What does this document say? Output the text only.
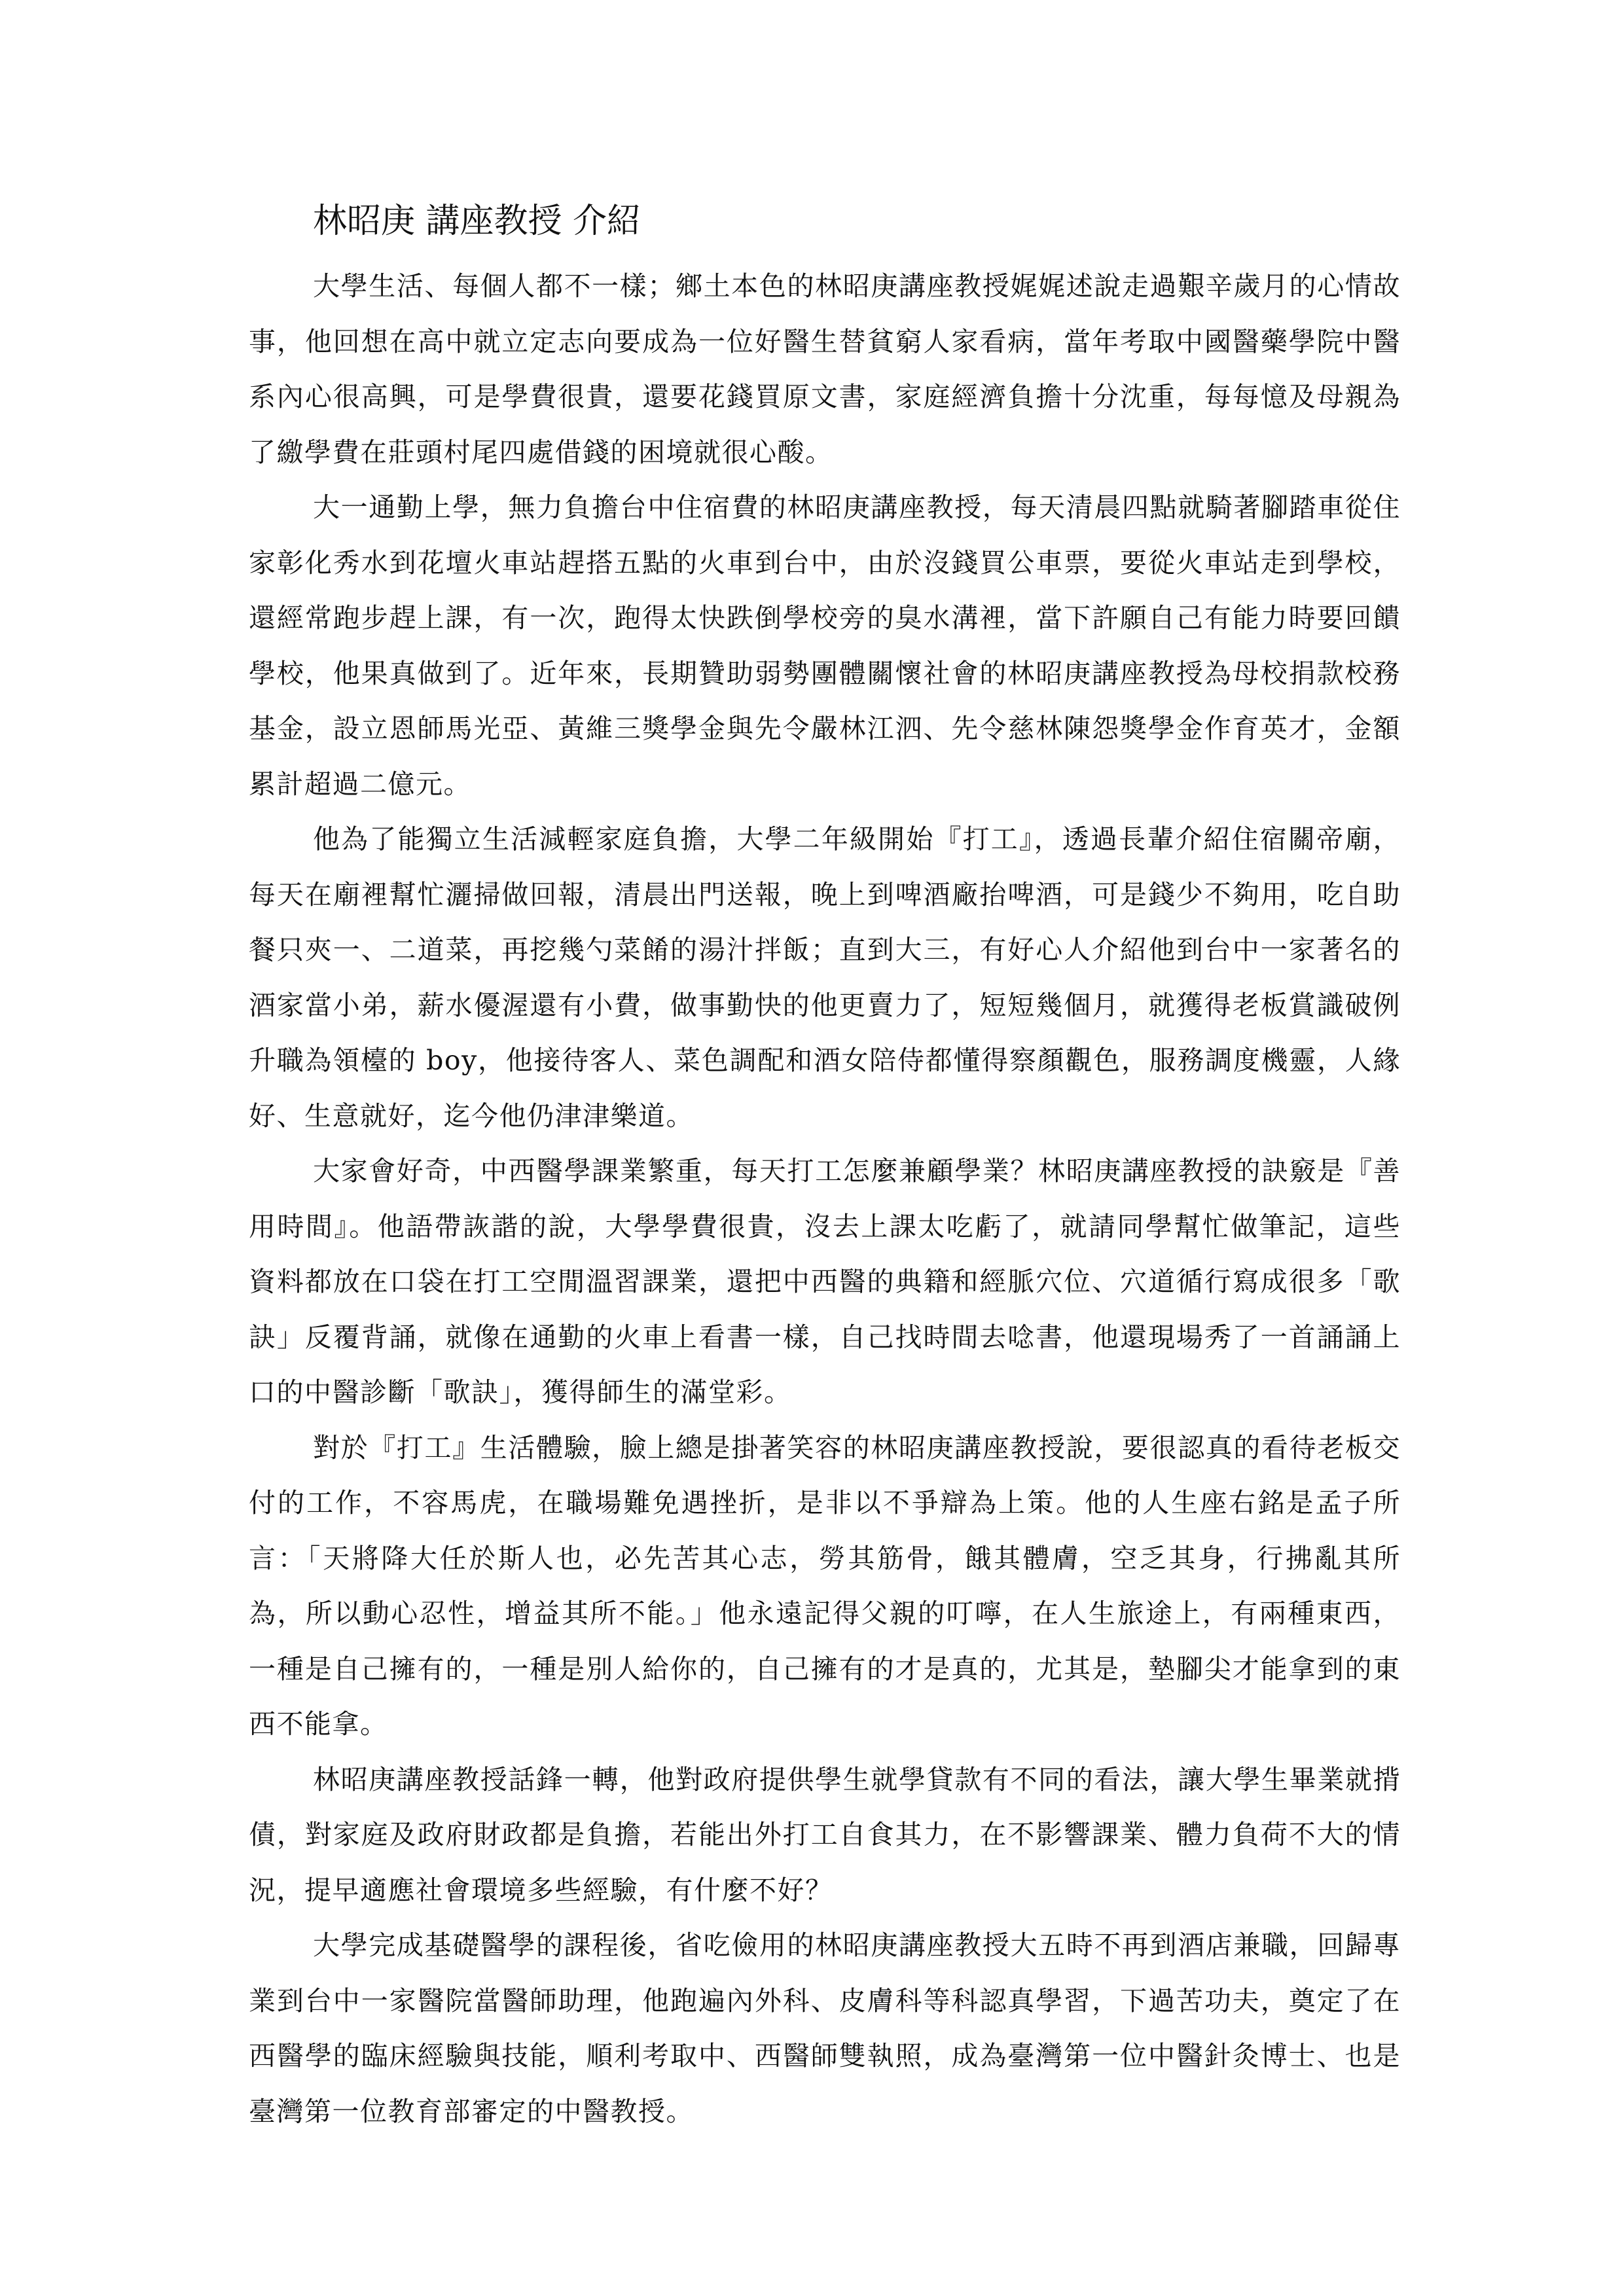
林昭庚 講座教授 介紹

大學生活、每個人都不一樣；鄉土本色的林昭庚講座教授娓娓述說走過艱辛歲月的心情故事，他回想在高中就立定志向要成為一位好醫生替貧窮人家看病，當年考取中國醫藥學院中醫系內心很高興，可是學費很貴，還要花錢買原文書，家庭經濟負擔十分沈重，每每憶及母親為了繳學費在莊頭村尾四處借錢的困境就很心酸。

大一通勤上學，無力負擔台中住宿費的林昭庚講座教授，每天清晨四點就騎著腳踏車從住家彰化秀水到花壇火車站趕搭五點的火車到台中，由於沒錢買公車票，要從火車站走到學校，還經常跑步趕上課，有一次，跑得太快跌倒學校旁的臭水溝裡，當下許願自己有能力時要回饋學校，他果真做到了。近年來，長期贊助弱勢團體關懷社會的林昭庚講座教授為母校捐款校務基金，設立恩師馬光亞、黃維三獎學金與先令嚴林江泗、先令慈林陳怨獎學金作育英才，金額累計超過二億元。

他為了能獨立生活減輕家庭負擔，大學二年級開始『打工』，透過長輩介紹住宿關帝廟，每天在廟裡幫忙灑掃做回報，清晨出門送報，晚上到啤酒廠抬啤酒，可是錢少不夠用，吃自助餐只夾一、二道菜，再挖幾勺菜餚的湯汁拌飯；直到大三，有好心人介紹他到台中一家著名的酒家當小弟，薪水優渥還有小費，做事勤快的他更賣力了，短短幾個月，就獲得老板賞識破例升職為領檯的 boy，他接待客人、菜色調配和酒女陪侍都懂得察顏觀色，服務調度機靈，人緣好、生意就好，迄今他仍津津樂道。

大家會好奇，中西醫學課業繁重，每天打工怎麼兼顧學業？林昭庚講座教授的訣竅是『善用時間』。他語帶詼諧的說，大學學費很貴，沒去上課太吃虧了，就請同學幫忙做筆記，這些資料都放在口袋在打工空閒溫習課業，還把中西醫的典籍和經脈穴位、穴道循行寫成很多「歌訣」反覆背誦，就像在通勤的火車上看書一樣，自己找時間去唸書，他還現場秀了一首誦誦上口的中醫診斷「歌訣」，獲得師生的滿堂彩。

對於『打工』生活體驗，臉上總是掛著笑容的林昭庚講座教授說，要很認真的看待老板交付的工作，不容馬虎，在職場難免遇挫折，是非以不爭辯為上策。他的人生座右銘是孟子所言：「天將降大任於斯人也，必先苦其心志，勞其筋骨，餓其體膚，空乏其身，行拂亂其所為，所以動心忍性，增益其所不能。」他永遠記得父親的叮嚀，在人生旅途上，有兩種東西，一種是自己擁有的，一種是別人給你的，自己擁有的才是真的，尤其是，墊腳尖才能拿到的東西不能拿。

林昭庚講座教授話鋒一轉，他對政府提供學生就學貸款有不同的看法，讓大學生畢業就揹債，對家庭及政府財政都是負擔，若能出外打工自食其力，在不影響課業、體力負荷不大的情況，提早適應社會環境多些經驗，有什麼不好？

大學完成基礎醫學的課程後，省吃儉用的林昭庚講座教授大五時不再到酒店兼職，回歸專業到台中一家醫院當醫師助理，他跑遍內外科、皮膚科等科認真學習，下過苦功夫，奠定了在西醫學的臨床經驗與技能，順利考取中、西醫師雙執照，成為臺灣第一位中醫針灸博士、也是臺灣第一位教育部審定的中醫教授。
